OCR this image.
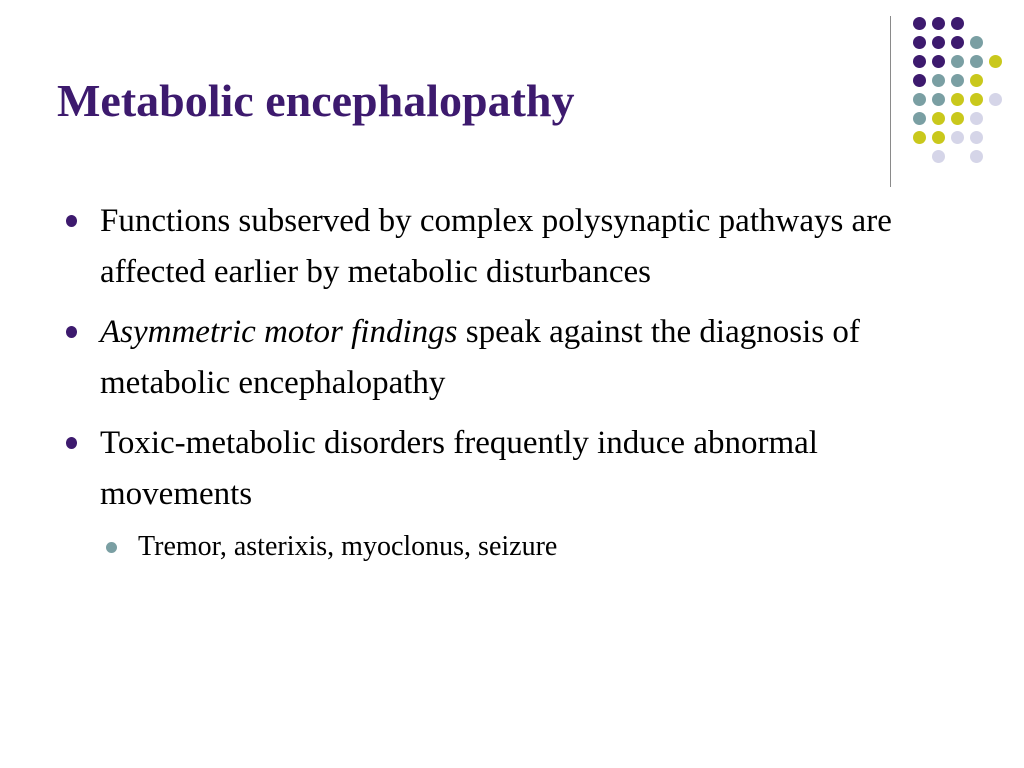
Metabolic encephalopathy
Functions subserved by complex polysynaptic pathways are affected earlier by metabolic disturbances
Asymmetric motor findings speak against the diagnosis of metabolic encephalopathy
Toxic-metabolic disorders frequently induce abnormal movements
Tremor, asterixis, myoclonus, seizure
